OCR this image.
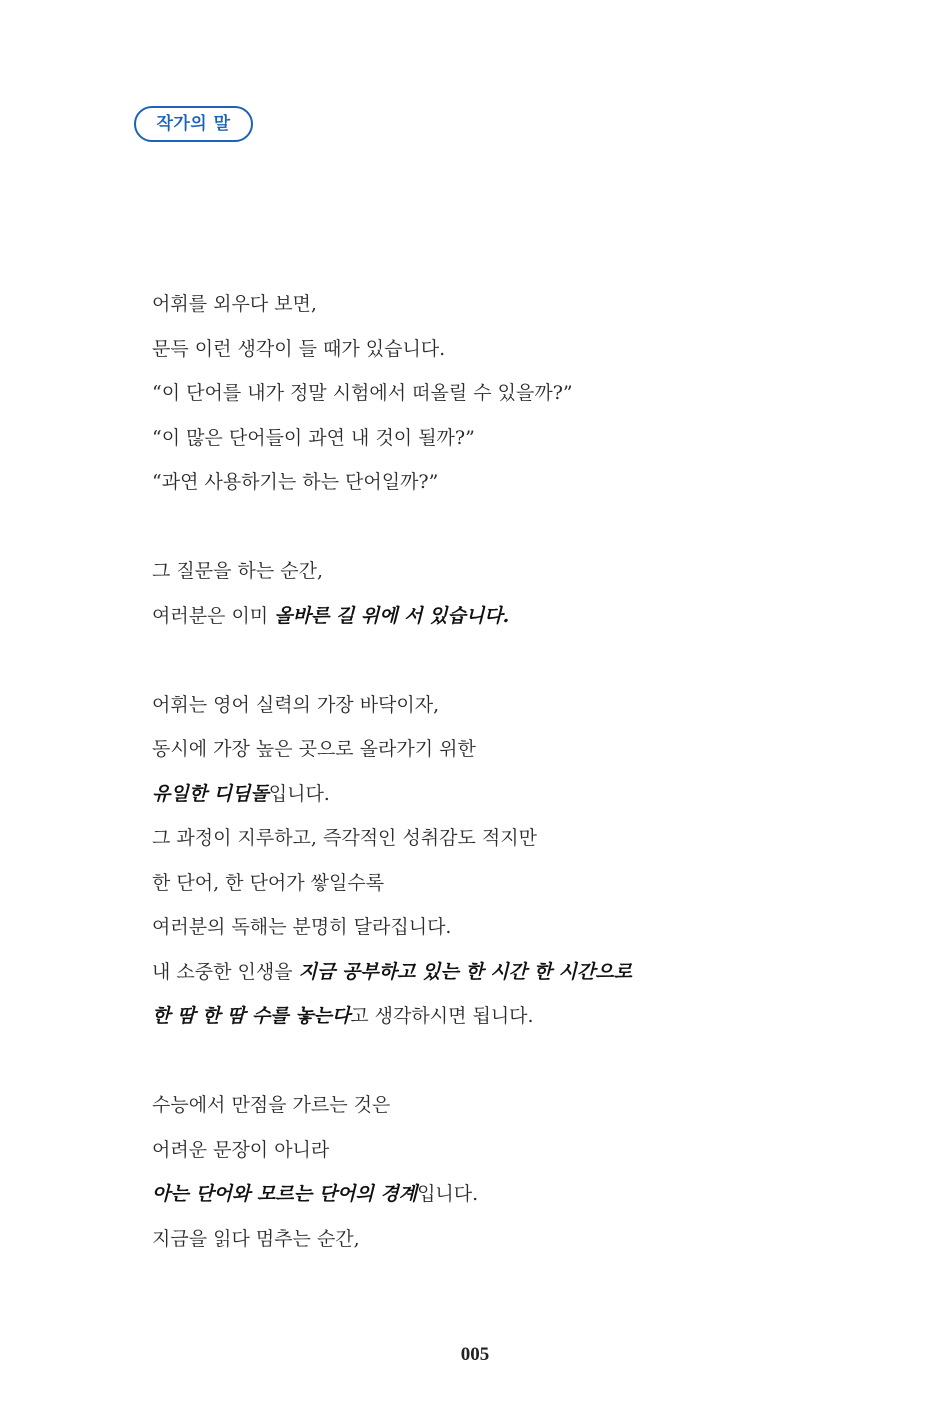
작가의 말
어휘를 외우다 보면,
문득 이런 생각이 들 때가 있습니다.
“이 단어를 내가 정말 시험에서 떠올릴 수 있을까?”
“이 많은 단어들이 과연 내 것이 될까?”
“과연 사용하기는 하는 단어일까?”
그 질문을 하는 순간,
여러분은 이미 올바른 길 위에 서 있습니다.
어휘는 영어 실력의 가장 바닥이자,
동시에 가장 높은 곳으로 올라가기 위한
유일한 디딤돌입니다.
그 과정이 지루하고, 즉각적인 성취감도 적지만
한 단어, 한 단어가 쌓일수록
여러분의 독해는 분명히 달라집니다.
내 소중한 인생을 지금 공부하고 있는 한 시간 한 시간으로
한 땀 한 땀 수를 놓는다고 생각하시면 됩니다.
수능에서 만점을 가르는 것은
어려운 문장이 아니라
아는 단어와 모르는 단어의 경계입니다.
지금을 읽다 멈추는 순간,
005
